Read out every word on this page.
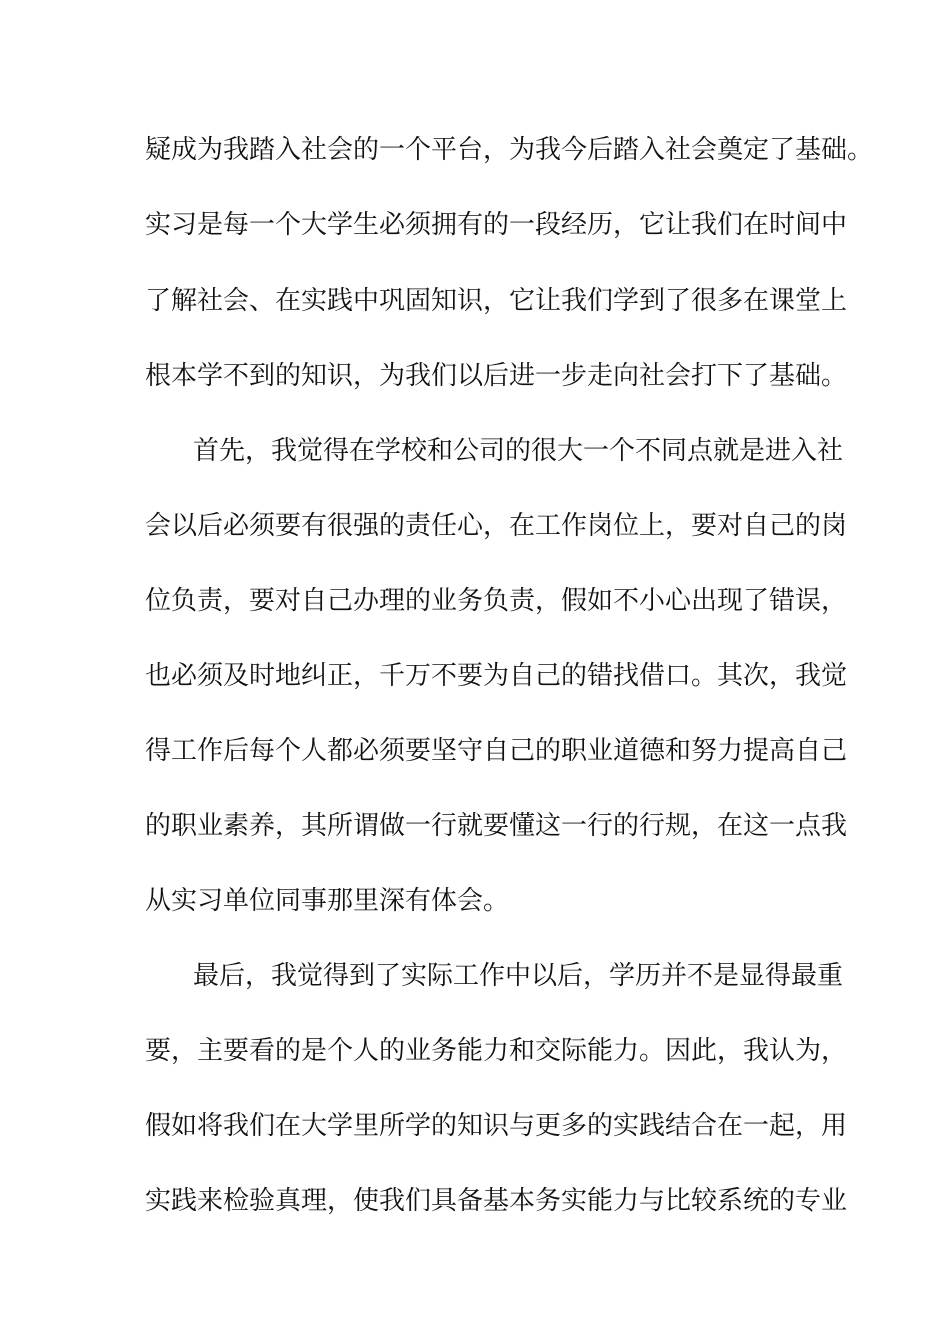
疑成为我踏入社会的一个平台，为我今后踏入社会奠定了基础。
实习是每一个大学生必须拥有的一段经历，它让我们在时间中
了解社会、在实践中巩固知识，它让我们学到了很多在课堂上
根本学不到的知识，为我们以后进一步走向社会打下了基础。
首先，我觉得在学校和公司的很大一个不同点就是进入社
会以后必须要有很强的责任心，在工作岗位上，要对自己的岗
位负责，要对自己办理的业务负责，假如不小心出现了错误，
也必须及时地纠正，千万不要为自己的错找借口。其次，我觉
得工作后每个人都必须要坚守自己的职业道德和努力提高自己
的职业素养，其所谓做一行就要懂这一行的行规，在这一点我
从实习单位同事那里深有体会。
最后，我觉得到了实际工作中以后，学历并不是显得最重
要，主要看的是个人的业务能力和交际能力。因此，我认为，
假如将我们在大学里所学的知识与更多的实践结合在一起，用
实践来检验真理，使我们具备基本务实能力与比较系统的专业
